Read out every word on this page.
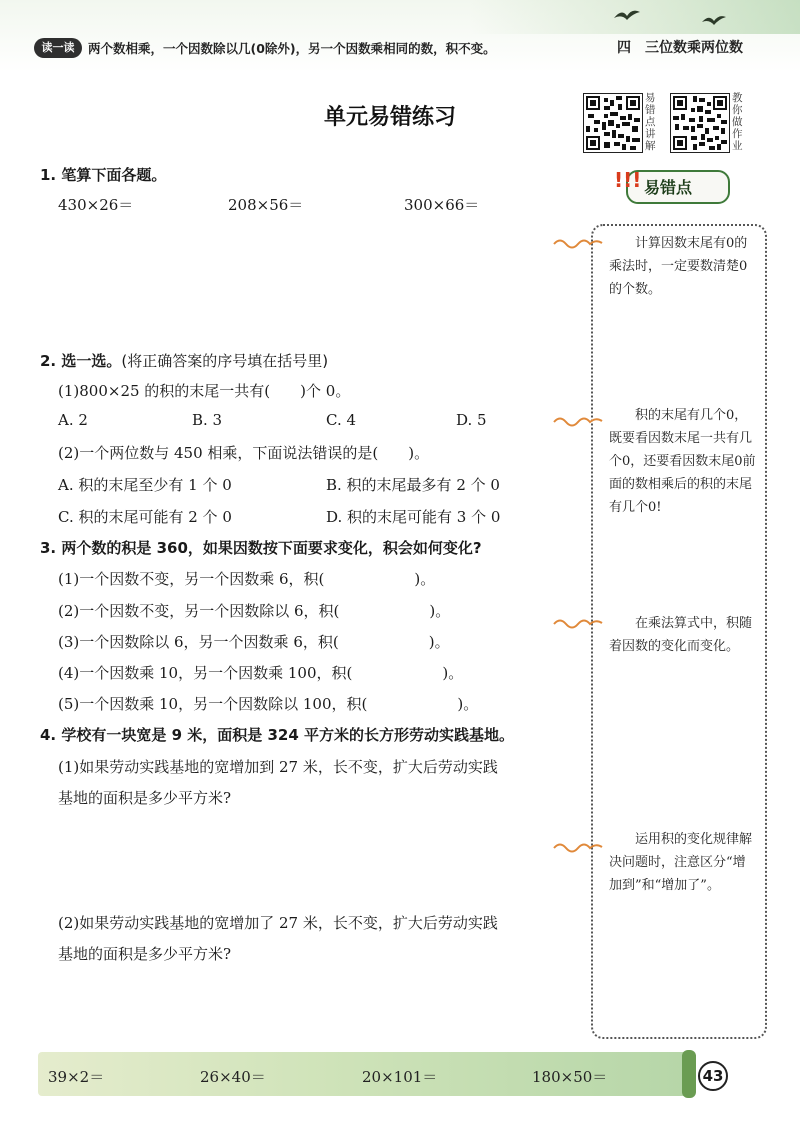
读一读	两个数相乘，一个因数除以几(0除外)，另一个因数乘相同的数，积不变。	四　三位数乘两位数
单元易错练习
易错点讲解
教你做作业
1. 笔算下面各题。
430×26＝	208×56＝	300×66＝
2. 选一选。(将正确答案的序号填在括号里)
(1)800×25 的积的末尾一共有(　　)个 0。
A. 2	B. 3	C. 4	D. 5
(2)一个两位数与 450 相乘，下面说法错误的是(　　)。
A. 积的末尾至少有 1 个 0	B. 积的末尾最多有 2 个 0
C. 积的末尾可能有 2 个 0	D. 积的末尾可能有 3 个 0
3. 两个数的积是 360，如果因数按下面要求变化，积会如何变化?
(1)一个因数不变，另一个因数乘 6，积(　　　　　　)。
(2)一个因数不变，另一个因数除以 6，积(　　　　　　)。
(3)一个因数除以 6，另一个因数乘 6，积(　　　　　　)。
(4)一个因数乘 10，另一个因数乘 100，积(　　　　　　)。
(5)一个因数乘 10，另一个因数除以 100，积(　　　　　　)。
4. 学校有一块宽是 9 米，面积是 324 平方米的长方形劳动实践基地。
(1)如果劳动实践基地的宽增加到 27 米，长不变，扩大后劳动实践
基地的面积是多少平方米?
(2)如果劳动实践基地的宽增加了 27 米，长不变，扩大后劳动实践
基地的面积是多少平方米?
!!! 易错点
计算因数末尾有0的乘法时，一定要数清楚0的个数。
积的末尾有几个0，既要看因数末尾一共有几个0，还要看因数末尾0前面的数相乘后的积的末尾有几个0!
在乘法算式中，积随着因数的变化而变化。
运用积的变化规律解决问题时，注意区分“增加到”和“增加了”。
39×2＝	26×40＝	20×101＝	180×50＝	43
